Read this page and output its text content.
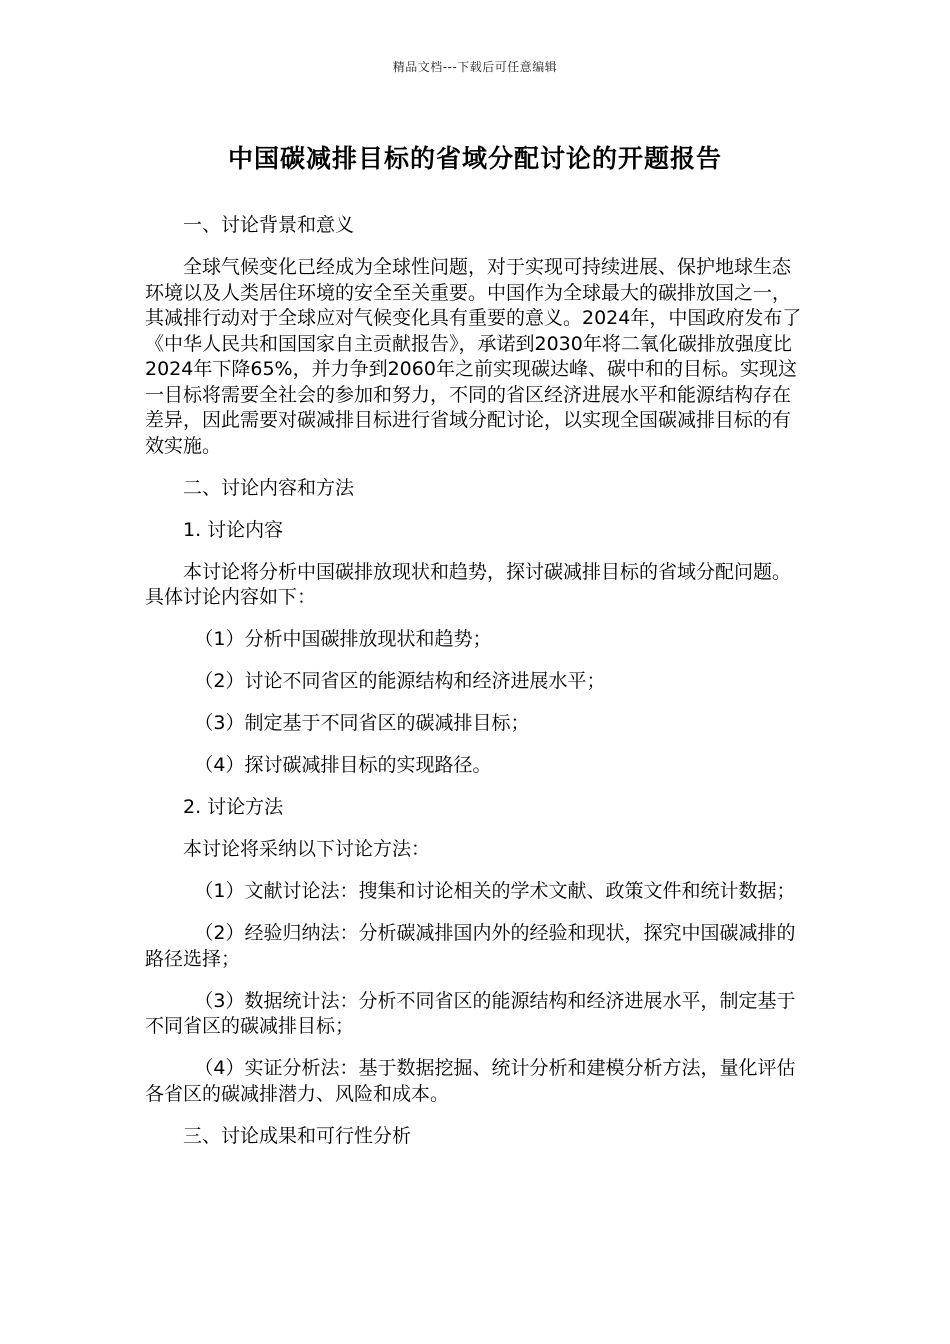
精品文档---下载后可任意编辑
中国碳减排目标的省域分配讨论的开题报告

一、讨论背景和意义

全球气候变化已经成为全球性问题，对于实现可持续进展、保护地球生态环境以及人类居住环境的安全至关重要。中国作为全球最大的碳排放国之一，其减排行动对于全球应对气候变化具有重要的意义。2024年，中国政府发布了《中华人民共和国国家自主贡献报告》，承诺到2030年将二氧化碳排放强度比2024年下降65%，并力争到2060年之前实现碳达峰、碳中和的目标。实现这一目标将需要全社会的参加和努力，不同的省区经济进展水平和能源结构存在差异，因此需要对碳减排目标进行省域分配讨论，以实现全国碳减排目标的有效实施。

二、讨论内容和方法

1. 讨论内容

本讨论将分析中国碳排放现状和趋势，探讨碳减排目标的省域分配问题。具体讨论内容如下：

（1）分析中国碳排放现状和趋势；

（2）讨论不同省区的能源结构和经济进展水平；

（3）制定基于不同省区的碳减排目标；

（4）探讨碳减排目标的实现路径。

2. 讨论方法

本讨论将采纳以下讨论方法：

（1）文献讨论法：搜集和讨论相关的学术文献、政策文件和统计数据；

（2）经验归纳法：分析碳减排国内外的经验和现状，探究中国碳减排的路径选择；

（3）数据统计法：分析不同省区的能源结构和经济进展水平，制定基于不同省区的碳减排目标；

（4）实证分析法：基于数据挖掘、统计分析和建模分析方法，量化评估各省区的碳减排潜力、风险和成本。

三、讨论成果和可行性分析
